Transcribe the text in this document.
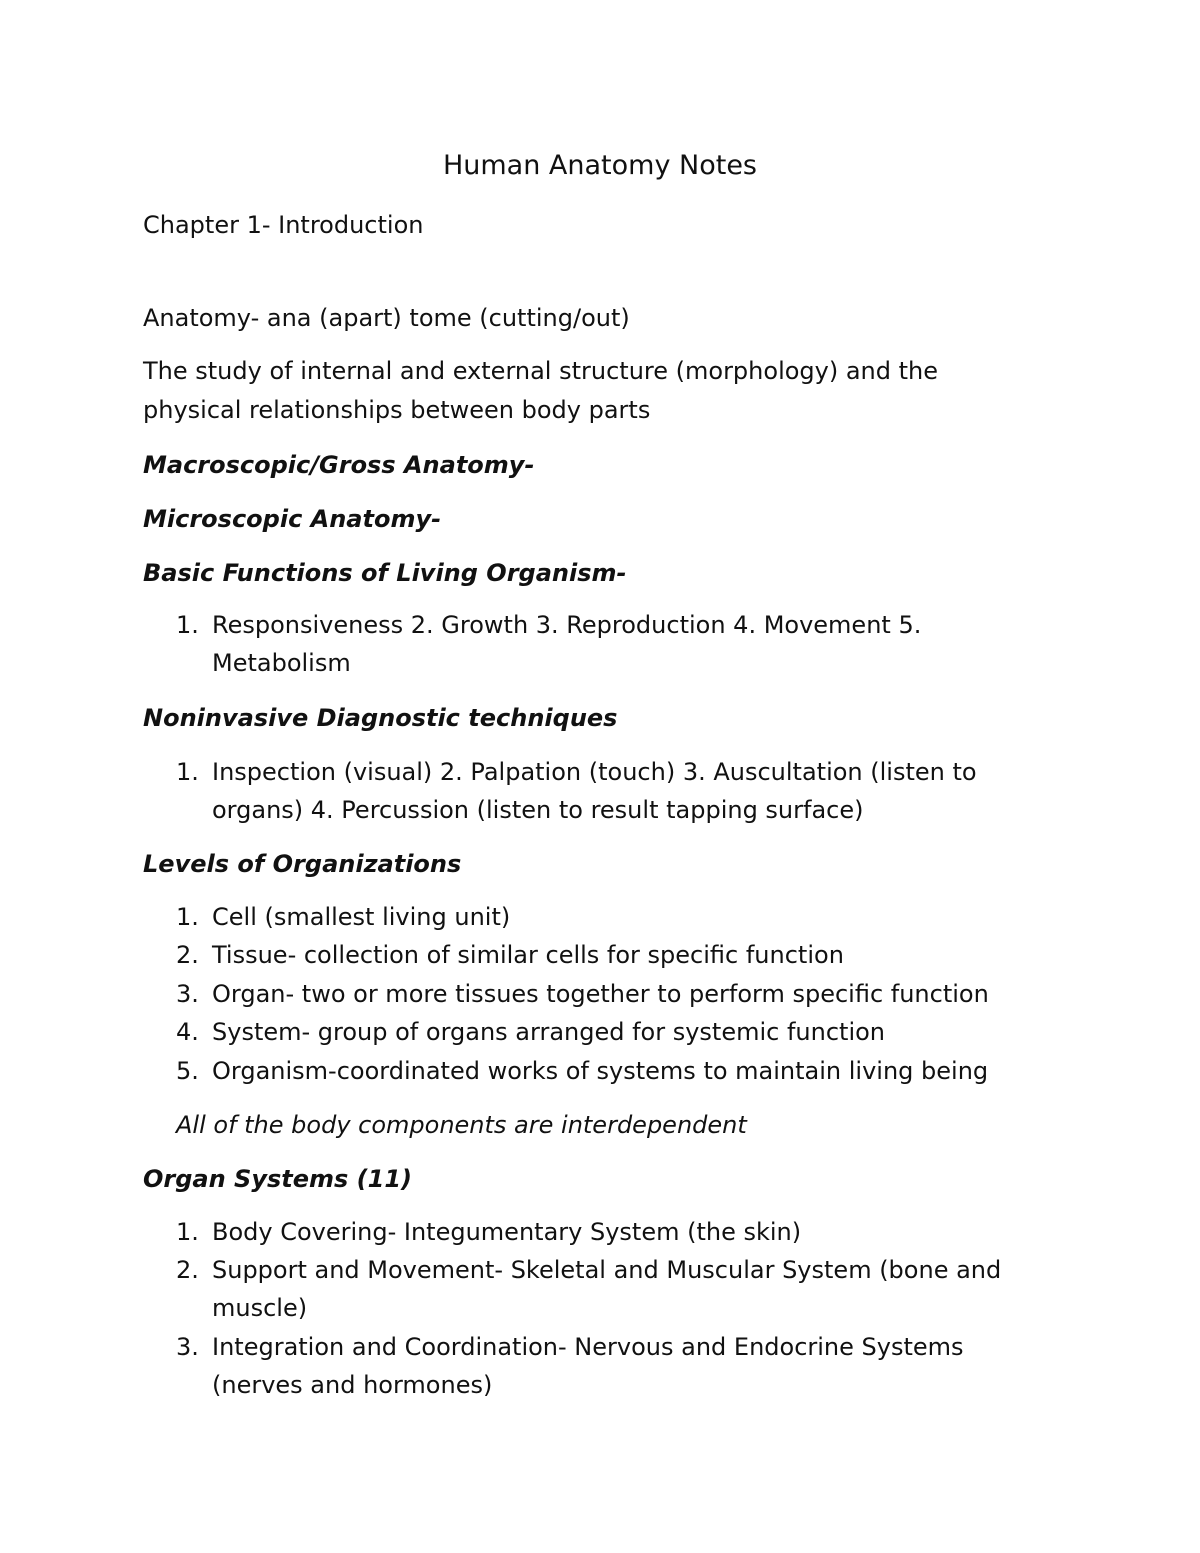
Human Anatomy Notes
Chapter 1- Introduction
Anatomy- ana (apart) tome (cutting/out)
The study of internal and external structure (morphology) and the
physical relationships between body parts
Macroscopic/Gross Anatomy-
Microscopic Anatomy-
Basic Functions of Living Organism-
1. Responsiveness 2. Growth 3. Reproduction 4. Movement 5.
Metabolism
Noninvasive Diagnostic techniques
1. Inspection (visual) 2. Palpation (touch) 3. Auscultation (listen to
organs) 4. Percussion (listen to result tapping surface)
Levels of Organizations
1. Cell (smallest living unit)
2. Tissue- collection of similar cells for specific function
3. Organ- two or more tissues together to perform specific function
4. System- group of organs arranged for systemic function
5. Organism-coordinated works of systems to maintain living being
All of the body components are interdependent
Organ Systems (11)
1. Body Covering- Integumentary System (the skin)
2. Support and Movement- Skeletal and Muscular System (bone and
muscle)
3. Integration and Coordination- Nervous and Endocrine Systems
(nerves and hormones)
